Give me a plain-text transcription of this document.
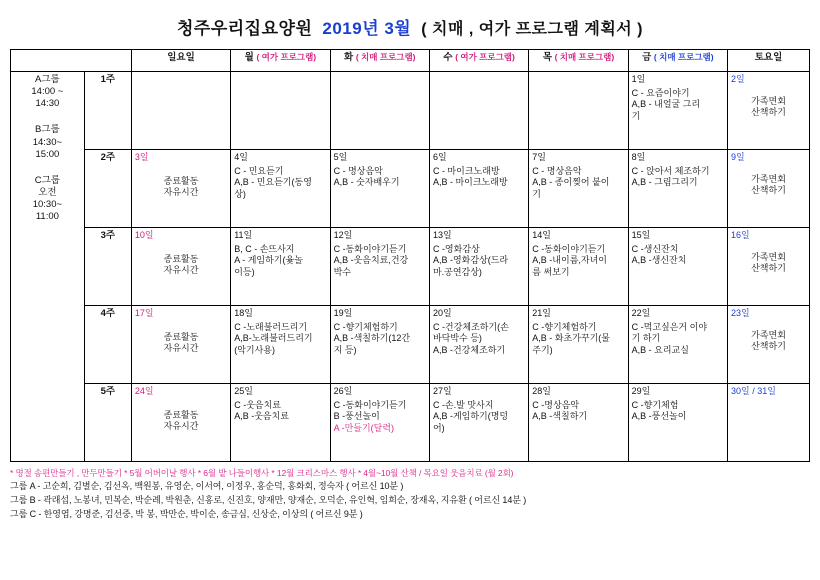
청주우리집요양원 2019년 3월 ( 치매 , 여가 프로그램 계획서 )
		일요일	월 ( 여가 프로그램)	화 ( 치매 프로그램)	수 ( 여가 프로그램)	목 ( 치매 프로그램)	금 ( 치매 프로그램)	토요일

A그룹
14:00 ~
14:30
B그룹
14:30~
15:00
C그룹
오전
10:30~
11:00
	1주						1일
C - 요즘이야기
A,B - 내얼굴 그리
기

2일
가족면회
산책하기

	2주	3일
종료활동
자유시간	4일
C - 민요듣기
A,B - 민요듣기(동영
상)	5일
C - 명상음악
A,B - 숫자배우기	6일
C - 마이크노래방
A,B - 마이크노래방	7일
C - 명상음악
A,B - 종이찢어 붙이
기	8일
C - 앉아서 체조하기
A,B - 그림그리기	9일
가족면회
산책하기

	3주	10일
종료활동
자유시간	11일
B, C - 손뜨사지
A - 게임하기(윷놀
이등)	12일
C -동화이야기듣기
A,B -웃음치료,건강
박수	13일
C -영화감상
A,B -영화감상(드라
마.공연감상)	14일
C -동화이야기듣기
A,B -내이름,자녀이
름 써보기	15일
C -생신잔치
A,B -생신잔치	16일
가족면회
산책하기

	4주	17일
종료활동
자유시간	18일
C -노래불러드리기
A,B-노래불러드리기
(악기사용)	19일
C -향기체험하기
A,B -색칠하기(12간
지 등)	20일
C -건강체조하기(손
바닥박수 등)
A,B -건강체조하기	21일
C -향기체험하기
A,B - 화초가꾸기(물
주기)	22일
C -먹고싶은거 이야
기 하기
A,B - 요리교실	23일
가족면회
산책하기

	5주	24일
종료활동
자유시간	25일
C -웃음치료
A,B -웃음치료	26일
C -동화이야기듣기
B -풍선놀이
A -만들기(달력)	27일
C -손.발 맛사지
A,B -게임하기(명덩
어)	28일
C -명상음악
A,B -색칠하기	29일
C -향기체험
A,B -풍선놀이	30일 / 31일
* 명절 송편만들기 , 만두만들기 * 5월 어버이날 행사 * 6월 밭 나들이행사 * 12월 크리스마스 행사 * 4월~10월 산책 / 목요일 웃음치료 (월 2회)
그룹 A - 고순희, 김별순, 김선옥, 백원봉, 유영순, 이서여, 이정우, 홍순덕, 홍화회, 정숙자 ( 어르신 10분 )
그룹 B - 곽래섭, 노봉녀, 민복순, 박순례, 박원춘, 신홍로, 신진호, 양재만, 양재순, 오덕순, 유인혁, 임희순, 장재옥, 지유환 ( 어르신 14분 )
그룹 C - 한영엽, 강명준, 김선중, 박 봉, 박만순, 박이순, 송금심, 신상순, 이상의 ( 어르신 9분 )
